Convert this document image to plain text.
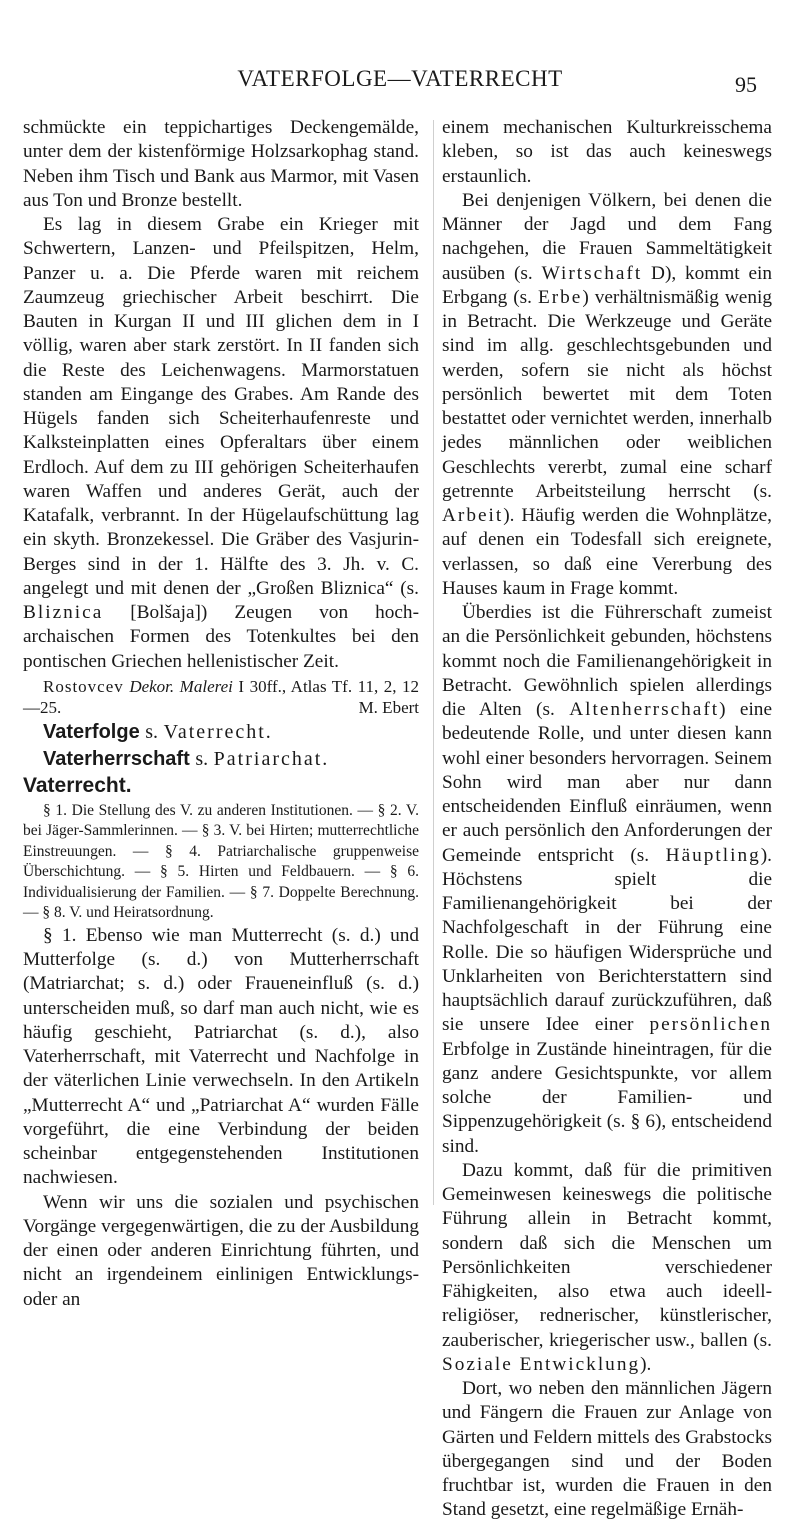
VATERFOLGE—VATERRECHT	95

schmückte ein teppichartiges Deckengemälde, unter dem der kistenförmige Holzsarkophag stand. Neben ihm Tisch und Bank aus Marmor, mit Vasen aus Ton und Bronze bestellt.

Es lag in diesem Grabe ein Krieger mit Schwertern, Lanzen- und Pfeilspitzen, Helm, Panzer u. a. Die Pferde waren mit reichem Zaumzeug griechischer Arbeit beschirrt. Die Bauten in Kurgan II und III glichen dem in I völlig, waren aber stark zerstört. In II fanden sich die Reste des Leichenwagens. Marmorstatuen standen am Eingange des Grabes. Am Rande des Hügels fanden sich Scheiterhaufenreste und Kalksteinplatten eines Opferaltars über einem Erdloch. Auf dem zu III gehörigen Scheiterhaufen waren Waffen und anderes Gerät, auch der Katafalk, verbrannt. In der Hügelaufschüttung lag ein skyth. Bronzekessel. Die Gräber des Vasjurin-Berges sind in der 1. Hälfte des 3. Jh. v. C. angelegt und mit denen der „Großen Bliznica“ (s. Bliznica [Bolšaja]) Zeugen von hoch-archaischen Formen des Totenkultes bei den pontischen Griechen hellenistischer Zeit.

Rostovcev Dekor. Malerei I 30ff., Atlas Tf. 11, 2, 12—25.	M. Ebert

Vaterfolge s. Vaterrecht.
Vaterherrschaft s. Patriarchat.
Vaterrecht.

§ 1. Die Stellung des V. zu anderen Institutionen. — § 2. V. bei Jäger-Sammlerinnen. — § 3. V. bei Hirten; mutterrechtliche Einstreuungen. — § 4. Patriarchalische gruppenweise Überschichtung. — § 5. Hirten und Feldbauern. — § 6. Individualisierung der Familien. — § 7. Doppelte Berechnung. — § 8. V. und Heiratsordnung.

§ 1. Ebenso wie man Mutterrecht (s. d.) und Mutterfolge (s. d.) von Mutterherrschaft (Matriarchat; s. d.) oder Fraueneinfluß (s. d.) unterscheiden muß, so darf man auch nicht, wie es häufig geschieht, Patriarchat (s. d.), also Vaterherrschaft, mit Vaterrecht und Nachfolge in der väterlichen Linie verwechseln. In den Artikeln „Mutterrecht A“ und „Patriarchat A“ wurden Fälle vorgeführt, die eine Verbindung der beiden scheinbar entgegenstehenden Institutionen nachwiesen.

Wenn wir uns die sozialen und psychischen Vorgänge vergegenwärtigen, die zu der Ausbildung der einen oder anderen Einrichtung führten, und nicht an irgendeinem einlinigen Entwicklungs- oder an

einem mechanischen Kulturkreisschema kleben, so ist das auch keineswegs erstaunlich.

Bei denjenigen Völkern, bei denen die Männer der Jagd und dem Fang nachgehen, die Frauen Sammeltätigkeit ausüben (s. Wirtschaft D), kommt ein Erbgang (s. Erbe) verhältnismäßig wenig in Betracht. Die Werkzeuge und Geräte sind im allg. geschlechtsgebunden und werden, sofern sie nicht als höchst persönlich bewertet mit dem Toten bestattet oder vernichtet werden, innerhalb jedes männlichen oder weiblichen Geschlechts vererbt, zumal eine scharf getrennte Arbeitsteilung herrscht (s. Arbeit). Häufig werden die Wohnplätze, auf denen ein Todesfall sich ereignete, verlassen, so daß eine Vererbung des Hauses kaum in Frage kommt.

Überdies ist die Führerschaft zumeist an die Persönlichkeit gebunden, höchstens kommt noch die Familienangehörigkeit in Betracht. Gewöhnlich spielen allerdings die Alten (s. Altenherrschaft) eine bedeutende Rolle, und unter diesen kann wohl einer besonders hervorragen. Seinem Sohn wird man aber nur dann entscheidenden Einfluß einräumen, wenn er auch persönlich den Anforderungen der Gemeinde entspricht (s. Häuptling). Höchstens spielt die Familienangehörigkeit bei der Nachfolgeschaft in der Führung eine Rolle. Die so häufigen Widersprüche und Unklarheiten von Berichterstattern sind hauptsächlich darauf zurückzuführen, daß sie unsere Idee einer persönlichen Erbfolge in Zustände hineintragen, für die ganz andere Gesichtspunkte, vor allem solche der Familien- und Sippenzugehörigkeit (s. § 6), entscheidend sind.

Dazu kommt, daß für die primitiven Gemeinwesen keineswegs die politische Führung allein in Betracht kommt, sondern daß sich die Menschen um Persönlichkeiten verschiedener Fähigkeiten, also etwa auch ideell-religiöser, rednerischer, künstlerischer, zauberischer, kriegerischer usw., ballen (s. Soziale Entwicklung).

Dort, wo neben den männlichen Jägern und Fängern die Frauen zur Anlage von Gärten und Feldern mittels des Grabstocks übergegangen sind und der Boden fruchtbar ist, wurden die Frauen in den Stand gesetzt, eine regelmäßige Ernäh-
